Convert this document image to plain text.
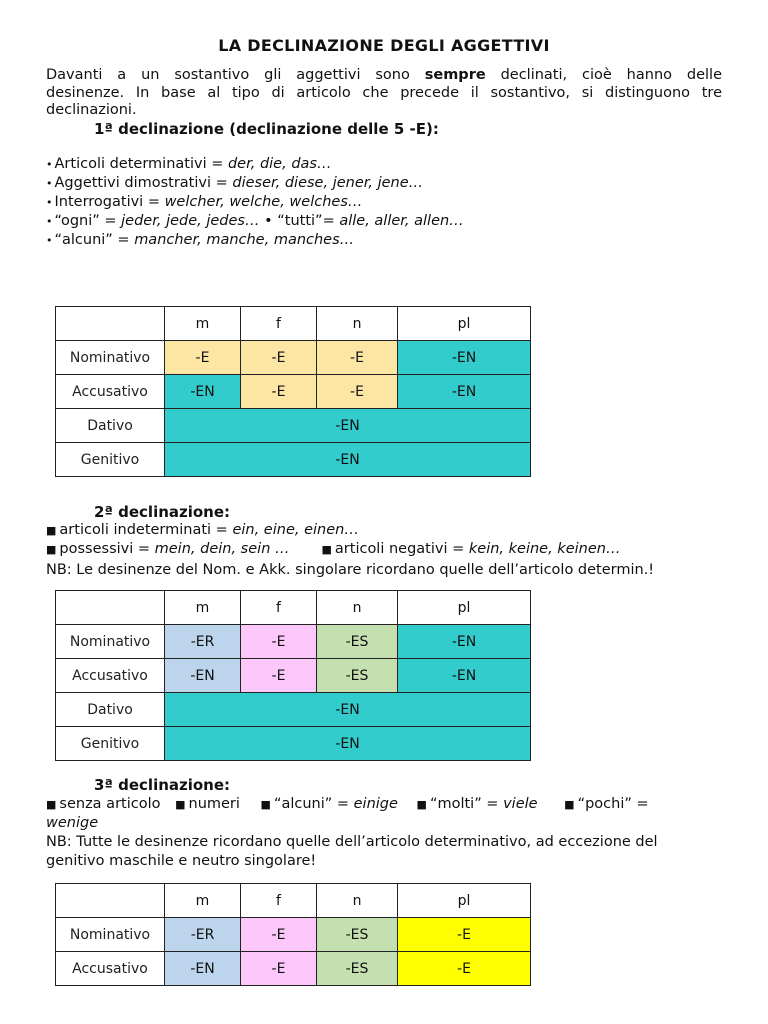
LA DECLINAZIONE DEGLI AGGETTIVI
Davanti a un sostantivo gli aggettivi sono sempre declinati, cioè hanno delle
desinenze. In base al tipo di articolo che precede il sostantivo, si distinguono tre
declinazioni.
1ª declinazione (declinazione delle 5 -E):
• Articoli determinativi = der, die, das…
• Aggettivi dimostrativi = dieser, diese, jener, jene…
• Interrogativi = welcher, welche, welches…
• “ogni” = jeder, jede, jedes… • “tutti”= alle, aller, allen…
• “alcuni” = mancher, manche, manches…
	m	f	n	pl
Nominativo	-E	-E	-E	-EN
Accusativo	-EN	-E	-E	-EN
Dativo	-EN			
Genitivo	-EN			
2ª declinazione:
■ articoli indeterminati = ein, eine, einen…
■ possessivi = mein, dein, sein …	■ articoli negativi = kein, keine, keinen…
NB: Le desinenze del Nom. e Akk. singolare ricordano quelle dell’articolo determin.!
	m	f	n	pl
Nominativo	-ER	-E	-ES	-EN
Accusativo	-EN	-E	-ES	-EN
Dativo	-EN			
Genitivo	-EN			
3ª declinazione:
■ senza articolo ■ numeri ■ “alcuni” = einige ■ “molti” = viele ■ “pochi” =
wenige
NB: Tutte le desinenze ricordano quelle dell’articolo determinativo, ad eccezione del
genitivo maschile e neutro singolare!
	m	f	n	pl
Nominativo	-ER	-E	-ES	-E
Accusativo	-EN	-E	-ES	-E
